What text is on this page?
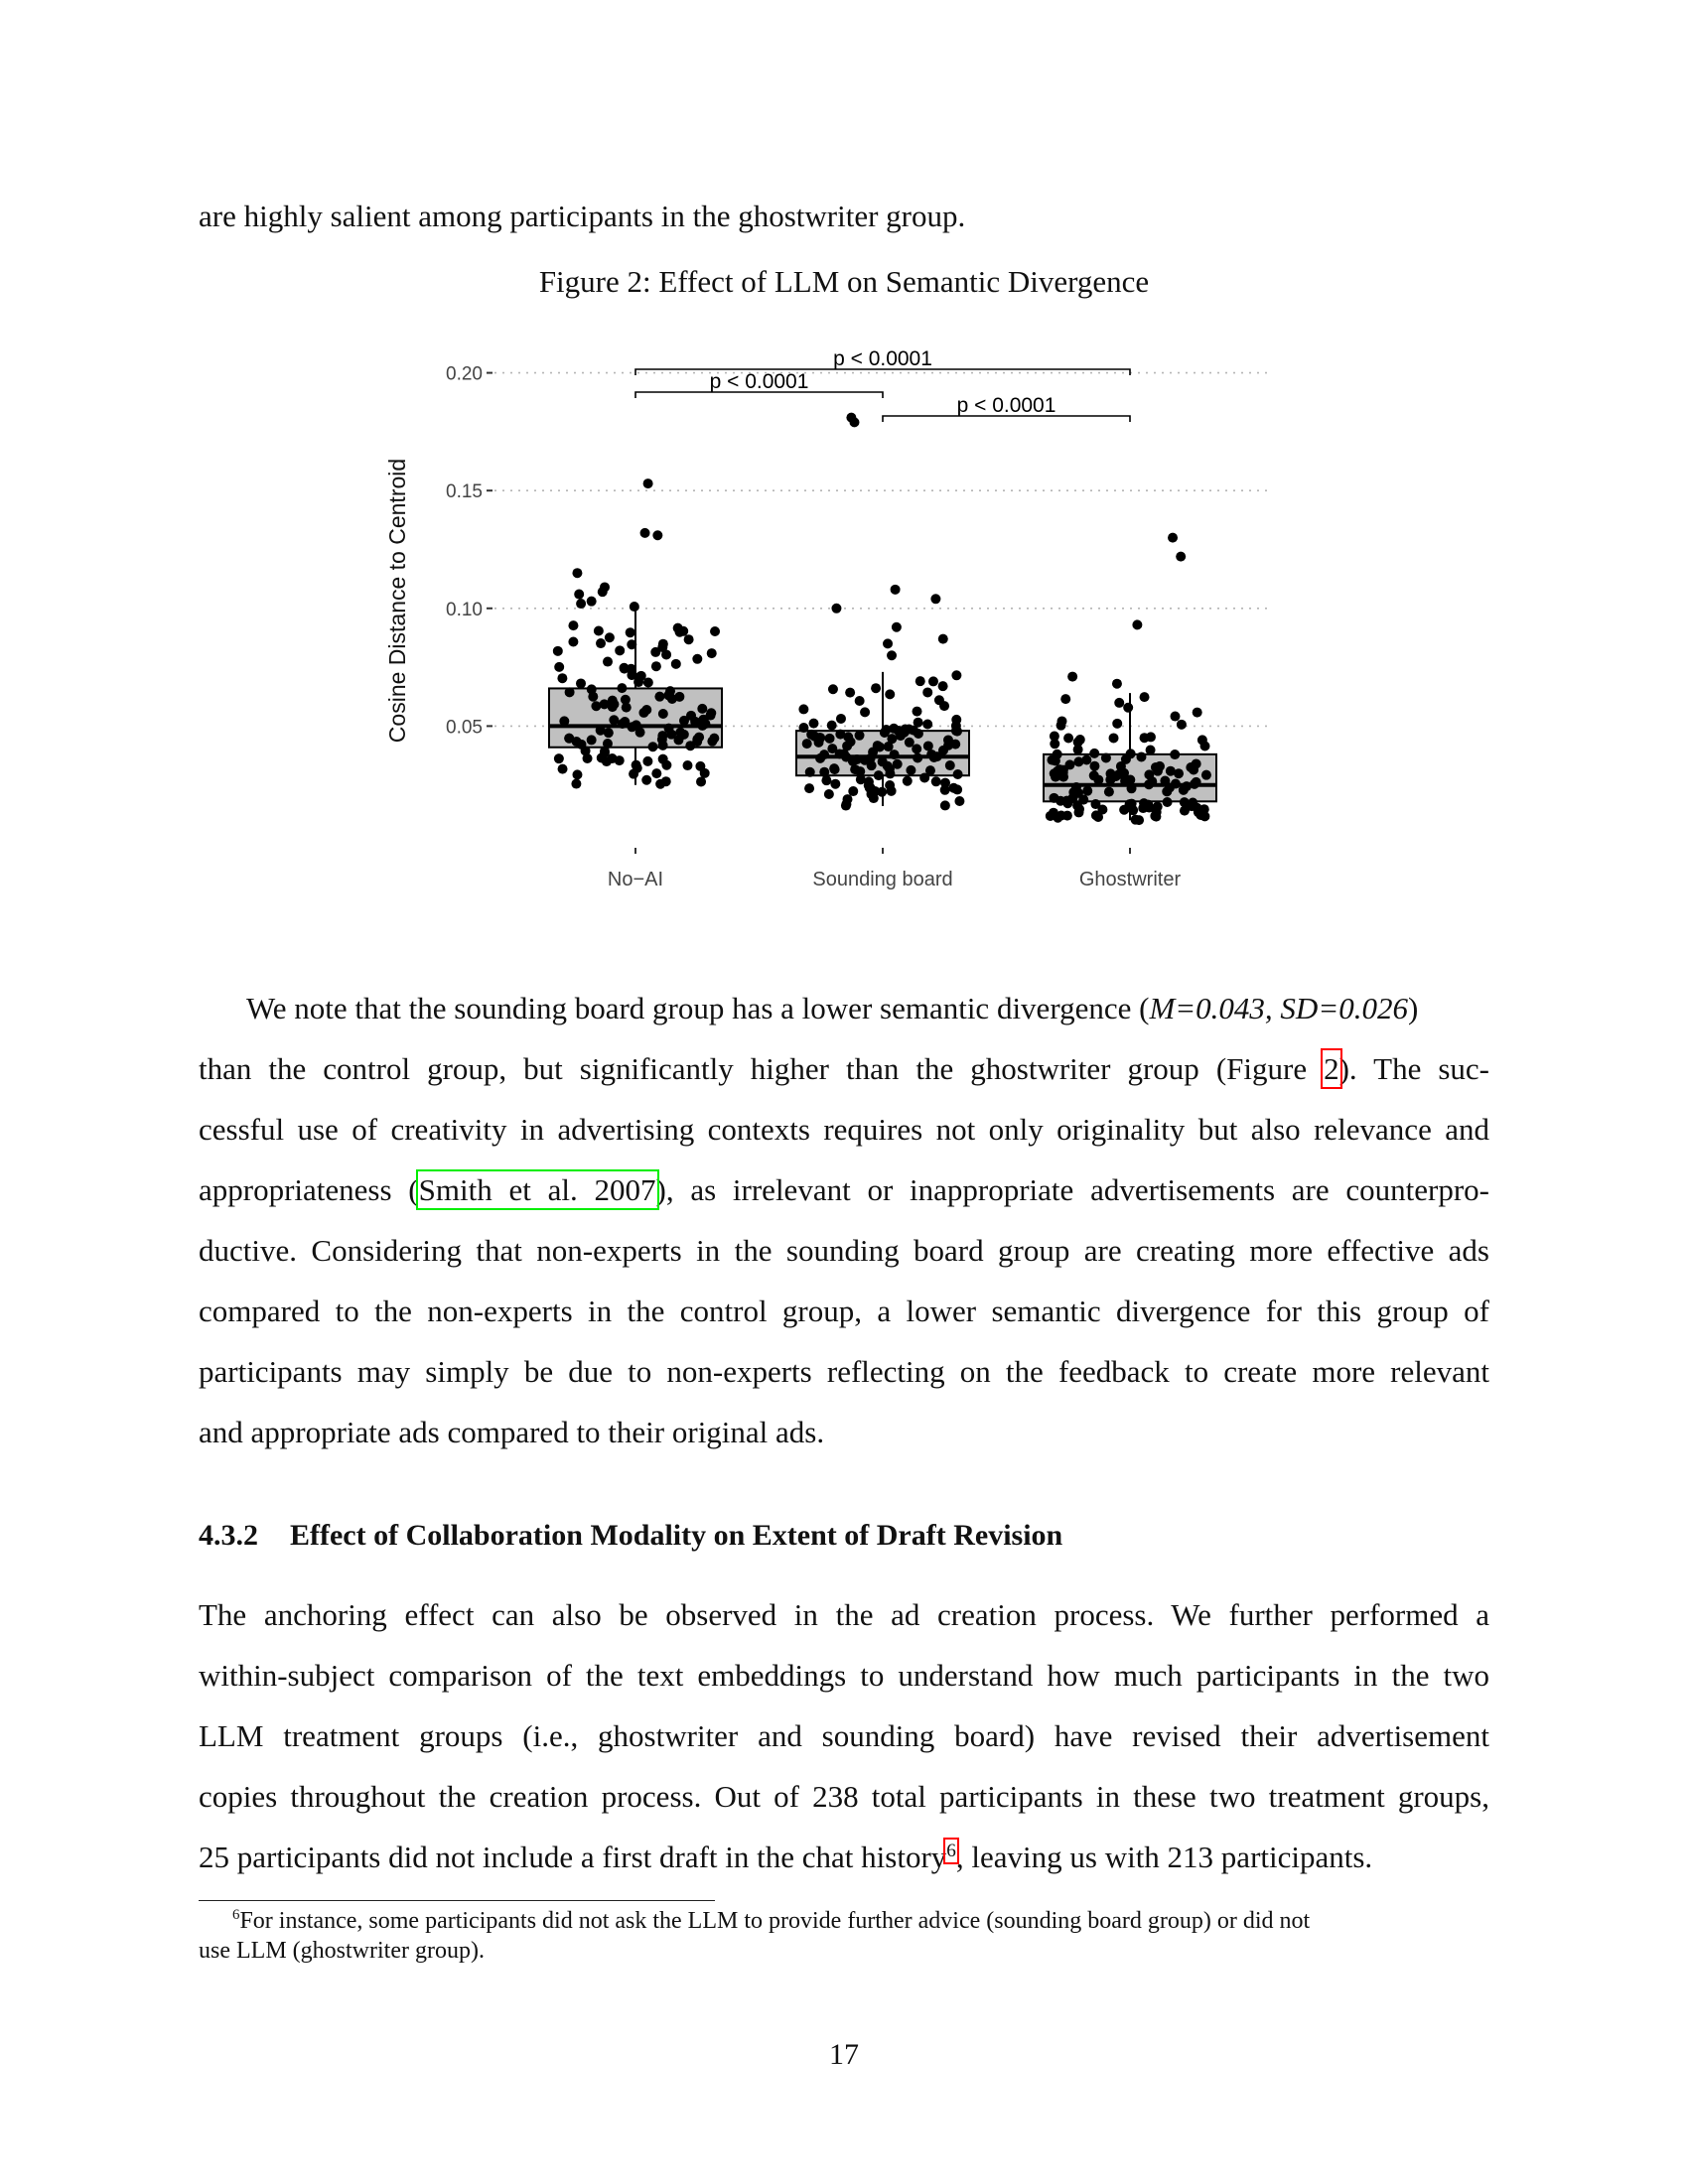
are highly salient among participants in the ghostwriter group.
Figure 2: Effect of LLM on Semantic Divergence
0.05
0.10
0.15
0.20
Cosine Distance to Centroid
No−AI	Sounding board	Ghostwriter
p < 0.0001
p < 0.0001
p < 0.0001
We note that the sounding board group has a lower semantic divergence (M=0.043, SD=0.026)
than the control group, but significantly higher than the ghostwriter group (Figure 2). The suc-
cessful use of creativity in advertising contexts requires not only originality but also relevance and
appropriateness (Smith et al. 2007), as irrelevant or inappropriate advertisements are counterpro-
ductive. Considering that non-experts in the sounding board group are creating more effective ads
compared to the non-experts in the control group, a lower semantic divergence for this group of
participants may simply be due to non-experts reflecting on the feedback to create more relevant
and appropriate ads compared to their original ads.
4.3.2 Effect of Collaboration Modality on Extent of Draft Revision
The anchoring effect can also be observed in the ad creation process. We further performed a
within-subject comparison of the text embeddings to understand how much participants in the two
LLM treatment groups (i.e., ghostwriter and sounding board) have revised their advertisement
copies throughout the creation process. Out of 238 total participants in these two treatment groups,
25 participants did not include a first draft in the chat history$^6$, leaving us with 213 participants.
$^6$For instance, some participants did not ask the LLM to provide further advice (sounding board group) or did not
use LLM (ghostwriter group).
17
